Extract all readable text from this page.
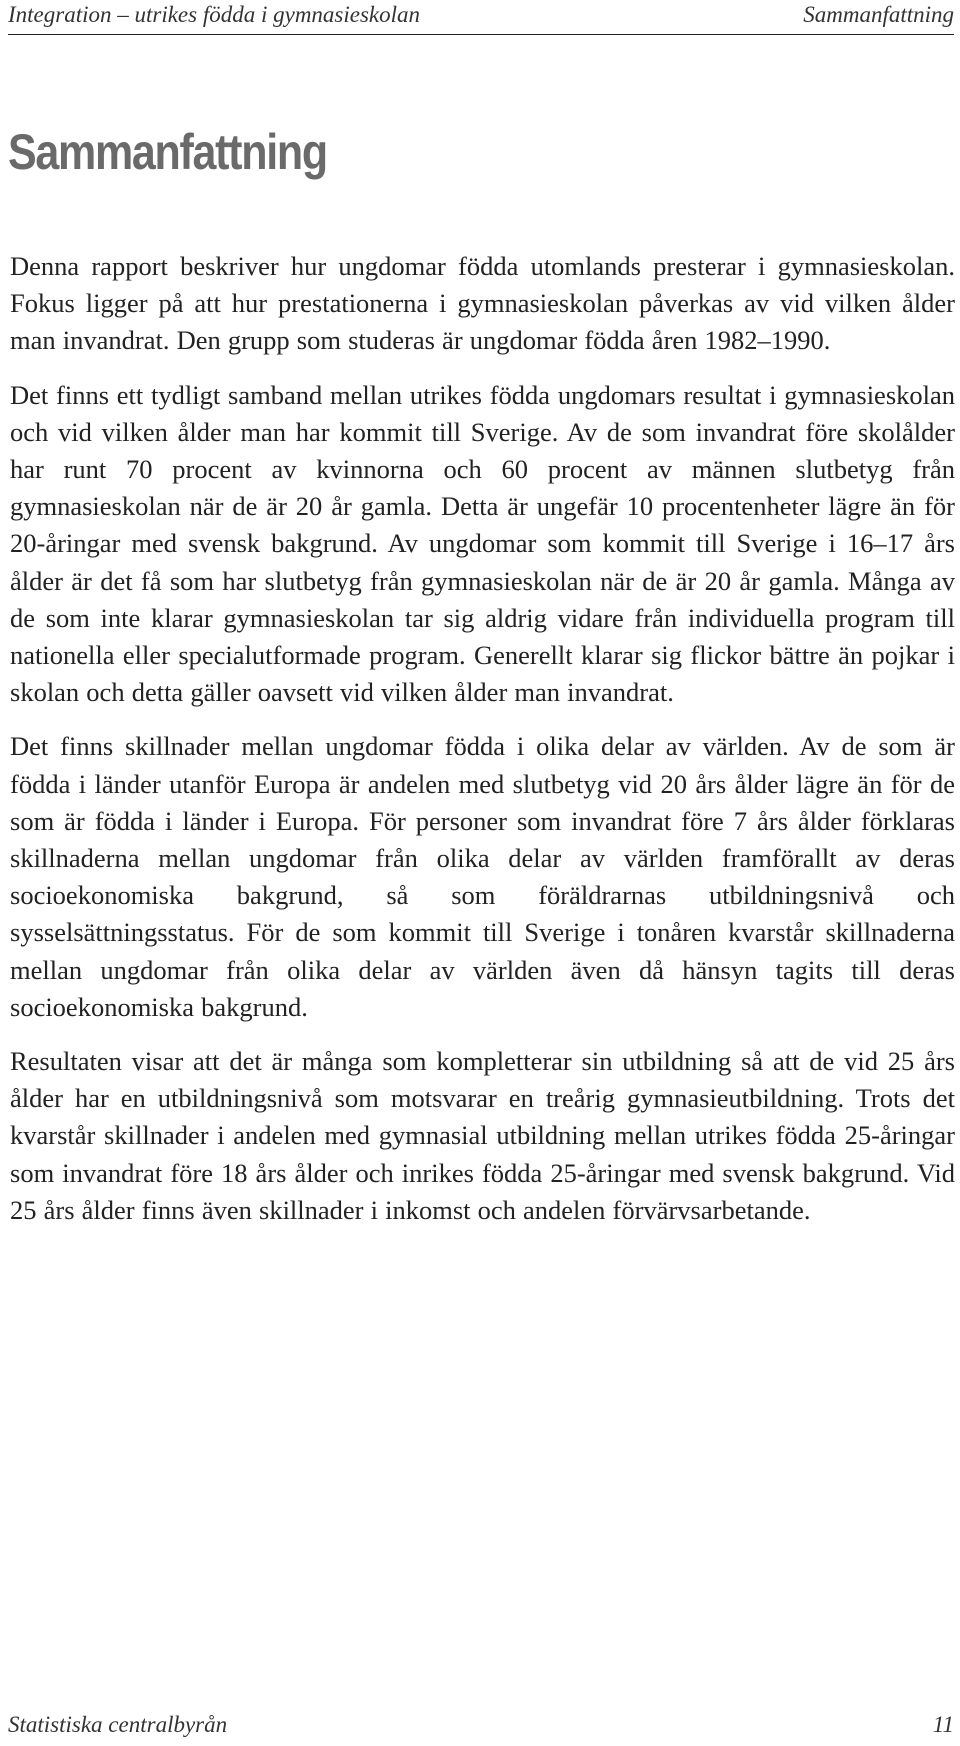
Integration – utrikes födda i gymnasieskolan	Sammanfattning
Sammanfattning

Denna rapport beskriver hur ungdomar födda utomlands presterar i gymnasieskolan. Fokus ligger på att hur prestationerna i gymnasieskolan påverkas av vid vilken ålder man invandrat. Den grupp som studeras är ungdomar födda åren 1982–1990.

Det finns ett tydligt samband mellan utrikes födda ungdomars resultat i gymnasieskolan och vid vilken ålder man har kommit till Sverige. Av de som invandrat före skolålder har runt 70 procent av kvinnorna och 60 procent av männen slutbetyg från gymnasieskolan när de är 20 år gamla. Detta är ungefär 10 procentenheter lägre än för 20-åringar med svensk bakgrund. Av ungdomar som kommit till Sverige i 16–17 års ålder är det få som har slutbetyg från gymnasieskolan när de är 20 år gamla. Många av de som inte klarar gymnasieskolan tar sig aldrig vidare från individuella program till nationella eller specialutformade program. Generellt klarar sig flickor bättre än pojkar i skolan och detta gäller oavsett vid vilken ålder man invandrat.

Det finns skillnader mellan ungdomar födda i olika delar av världen. Av de som är födda i länder utanför Europa är andelen med slutbetyg vid 20 års ålder lägre än för de som är födda i länder i Europa. För personer som invandrat före 7 års ålder förklaras skillnaderna mellan ungdomar från olika delar av världen framförallt av deras socioekonomiska bakgrund, så som föräldrarnas utbildningsnivå och sysselsättningsstatus. För de som kommit till Sverige i tonåren kvarstår skillnaderna mellan ungdomar från olika delar av världen även då hänsyn tagits till deras socioekonomiska bakgrund.

Resultaten visar att det är många som kompletterar sin utbildning så att de vid 25 års ålder har en utbildningsnivå som motsvarar en treårig gymnasieutbildning. Trots det kvarstår skillnader i andelen med gymnasial utbildning mellan utrikes födda 25-åringar som invandrat före 18 års ålder och inrikes födda 25-åringar med svensk bakgrund. Vid 25 års ålder finns även skillnader i inkomst och andelen förvärvsarbetande.

Statistiska centralbyrån	11
